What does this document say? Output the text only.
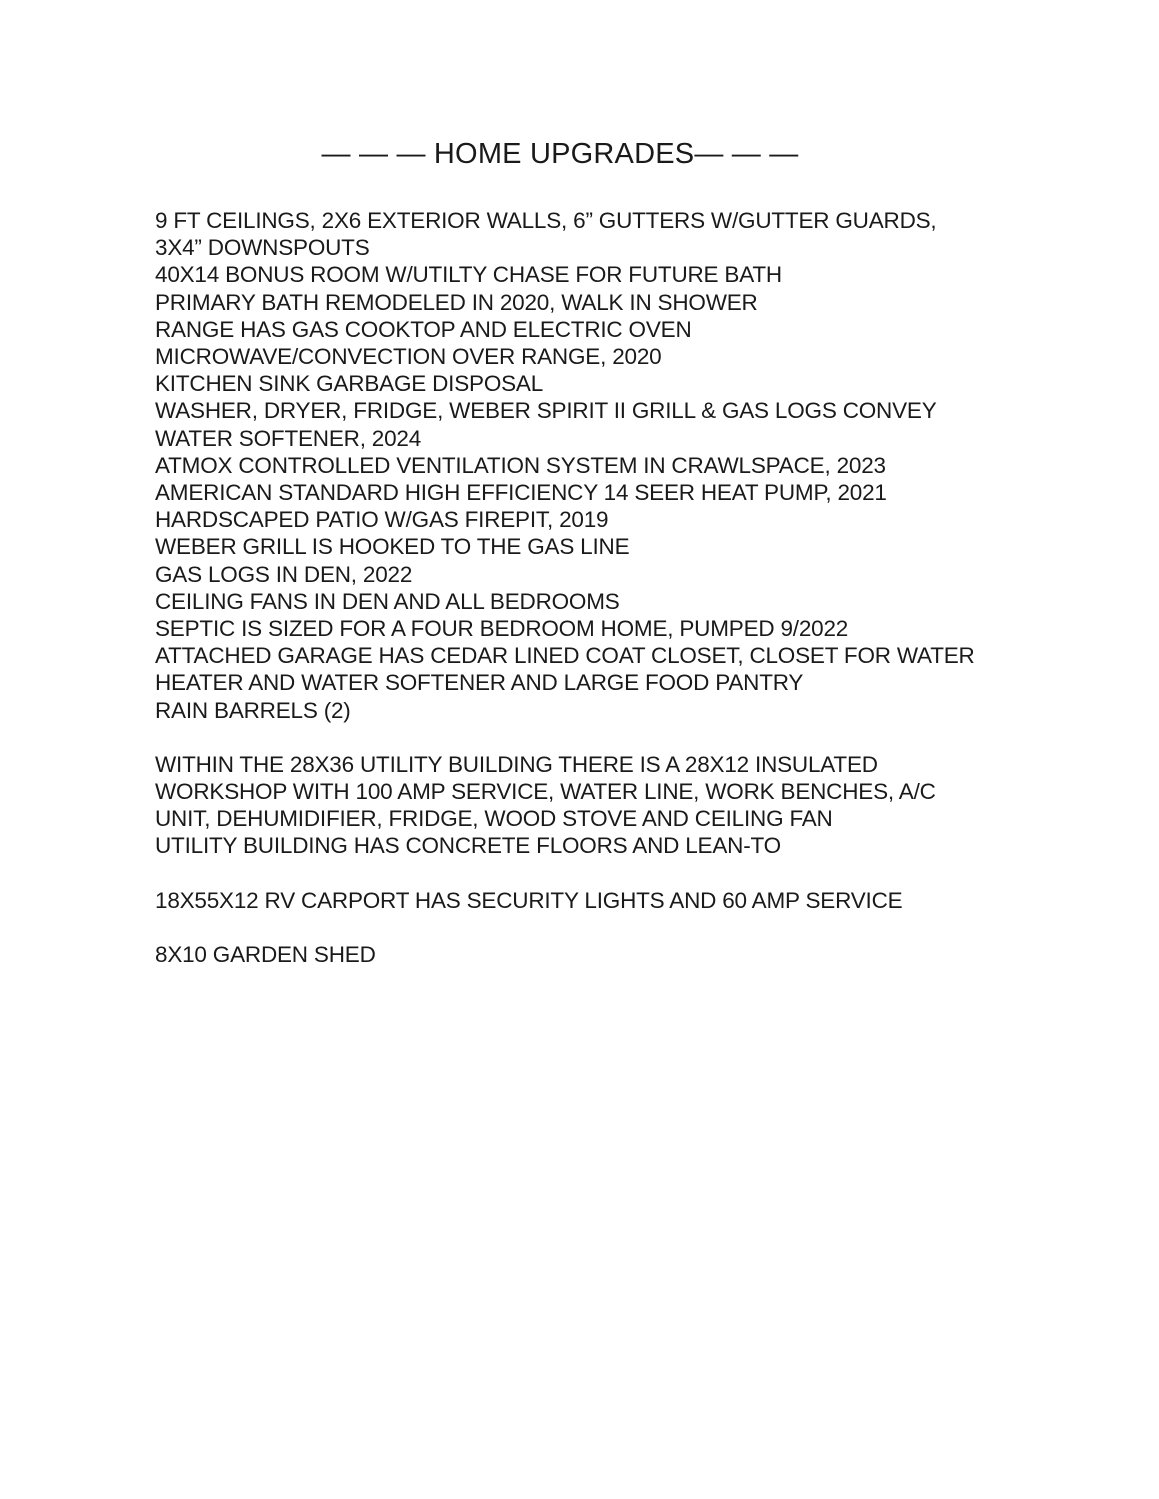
— — — HOME UPGRADES— — —
9 FT CEILINGS, 2X6 EXTERIOR WALLS, 6” GUTTERS W/GUTTER GUARDS,
3X4” DOWNSPOUTS
40X14 BONUS ROOM W/UTILTY CHASE FOR FUTURE BATH
PRIMARY BATH REMODELED IN 2020, WALK IN SHOWER
RANGE HAS GAS COOKTOP AND ELECTRIC OVEN
MICROWAVE/CONVECTION OVER RANGE, 2020
KITCHEN SINK GARBAGE DISPOSAL
WASHER, DRYER, FRIDGE, WEBER SPIRIT II GRILL & GAS LOGS CONVEY
WATER SOFTENER, 2024
ATMOX CONTROLLED VENTILATION SYSTEM IN CRAWLSPACE, 2023
AMERICAN STANDARD HIGH EFFICIENCY 14 SEER HEAT PUMP, 2021
HARDSCAPED PATIO W/GAS FIREPIT, 2019
WEBER GRILL IS HOOKED TO THE GAS LINE
GAS LOGS IN DEN, 2022
CEILING FANS IN DEN AND ALL BEDROOMS
SEPTIC IS SIZED FOR A FOUR BEDROOM HOME, PUMPED 9/2022
ATTACHED GARAGE HAS CEDAR LINED COAT CLOSET, CLOSET FOR WATER
HEATER AND WATER SOFTENER AND LARGE FOOD PANTRY
RAIN BARRELS (2)
WITHIN THE 28X36 UTILITY BUILDING THERE IS A 28X12 INSULATED
WORKSHOP WITH 100 AMP SERVICE, WATER LINE, WORK BENCHES, A/C
UNIT, DEHUMIDIFIER, FRIDGE, WOOD STOVE AND CEILING FAN
UTILITY BUILDING HAS CONCRETE FLOORS AND LEAN-TO
18X55X12 RV CARPORT HAS SECURITY LIGHTS AND 60 AMP SERVICE
8X10 GARDEN SHED
